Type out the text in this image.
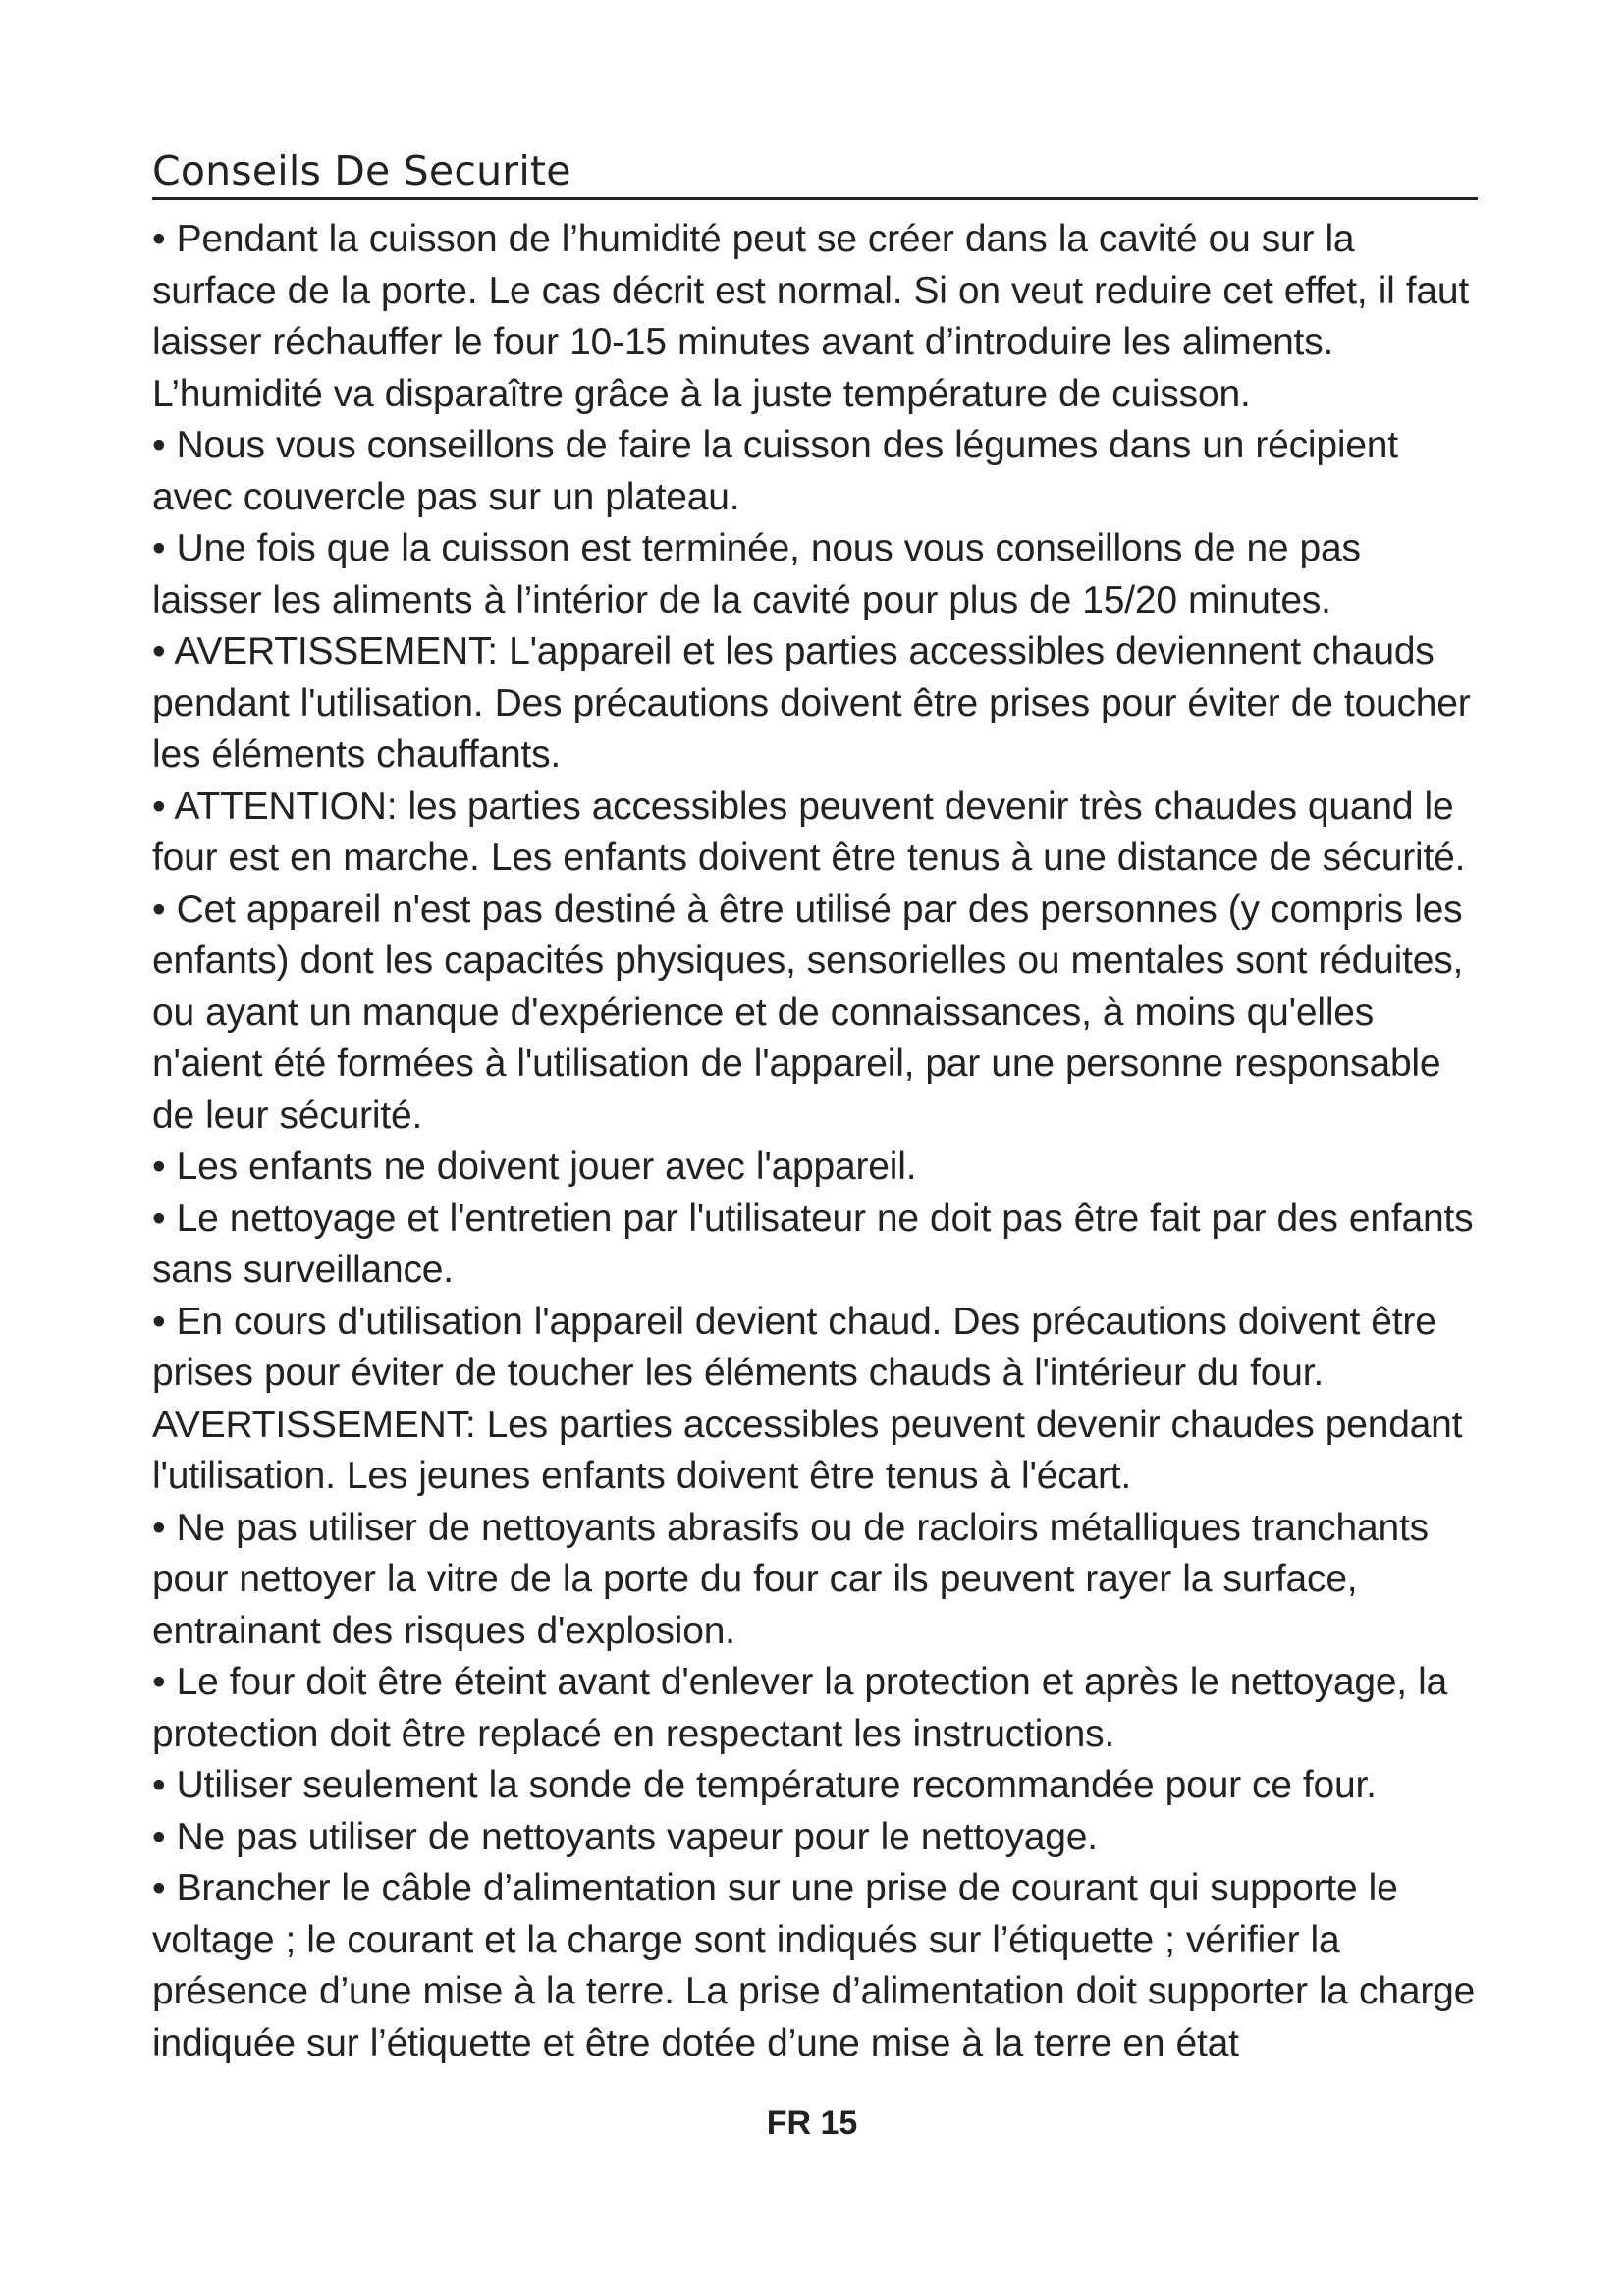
Conseils De Securite

• Pendant la cuisson de l’humidité peut se créer dans la cavité ou sur la surface de la porte. Le cas décrit est normal. Si on veut reduire cet effet, il faut laisser réchauffer le four 10-15 minutes avant d’introduire les aliments. L’humidité va disparaître grâce à la juste température de cuisson.

• Nous vous conseillons de faire la cuisson des légumes dans un récipient avec couvercle pas sur un plateau.

• Une fois que la cuisson est terminée, nous vous conseillons de ne pas laisser les aliments à l’intérior de la cavité pour plus de 15/20 minutes.

• AVERTISSEMENT: L'appareil et les parties accessibles deviennent chauds pendant l'utilisation. Des précautions doivent être prises pour éviter de toucher les éléments chauffants.

• ATTENTION: les parties accessibles peuvent devenir très chaudes quand le four est en marche. Les enfants doivent être tenus à une distance de sécurité.

• Cet appareil n'est pas destiné à être utilisé par des personnes (y compris les enfants) dont les capacités physiques, sensorielles ou mentales sont réduites, ou ayant un manque d'expérience et de connaissances, à moins qu'elles n'aient été formées à l'utilisation de l'appareil, par une personne responsable de leur sécurité.

• Les enfants ne doivent jouer avec l'appareil.

• Le nettoyage et l'entretien par l'utilisateur ne doit pas être fait par des enfants sans surveillance.

• En cours d'utilisation l'appareil devient chaud. Des précautions doivent être prises pour éviter de toucher les éléments chauds à l'intérieur du four. AVERTISSEMENT: Les parties accessibles peuvent devenir chaudes pendant l'utilisation. Les jeunes enfants doivent être tenus à l'écart.

• Ne pas utiliser de nettoyants abrasifs ou de racloirs métalliques tranchants pour nettoyer la vitre de la porte du four car ils peuvent rayer la surface, entrainant des risques d'explosion.

• Le four doit être éteint avant d'enlever la protection et après le nettoyage, la protection doit être replacé en respectant les instructions.

• Utiliser seulement la sonde de température recommandée pour ce four.

• Ne pas utiliser de nettoyants vapeur pour le nettoyage.

• Brancher le câble d’alimentation sur une prise de courant qui supporte le voltage ; le courant et la charge sont indiqués sur l’étiquette ; vérifier la présence d’une mise à la terre. La prise d’alimentation doit supporter la charge indiquée sur l’étiquette et être dotée d’une mise à la terre en état

FR 15
